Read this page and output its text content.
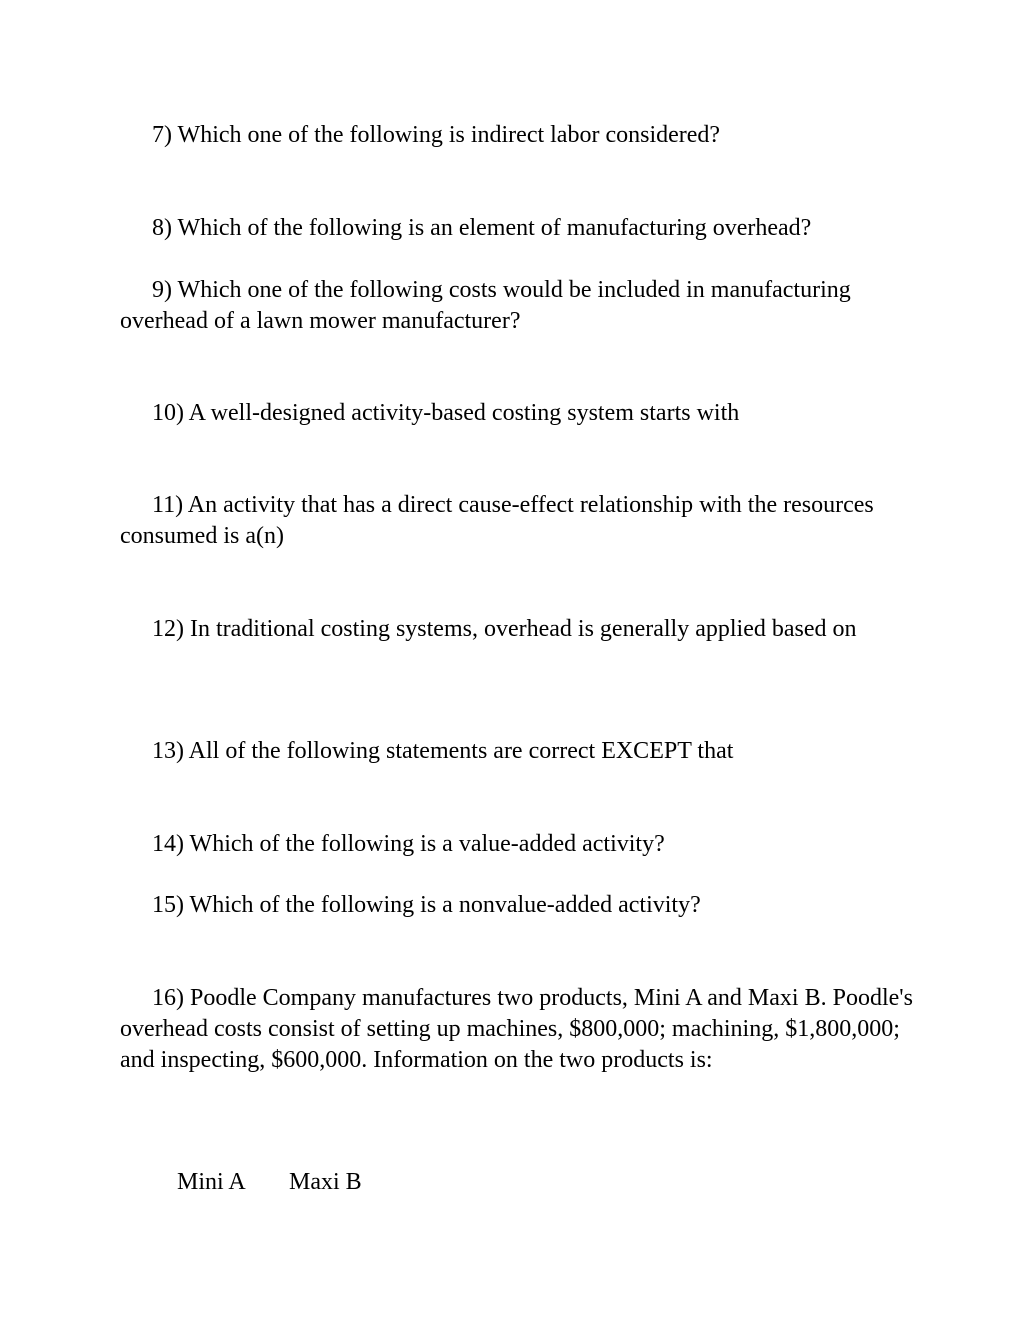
7) Which one of the following is indirect labor considered?

8) Which of the following is an element of manufacturing overhead?

9) Which one of the following costs would be included in manufacturing overhead of a lawn mower manufacturer?

10) A well-designed activity-based costing system starts with

11) An activity that has a direct cause-effect relationship with the resources consumed is a(n)

12) In traditional costing systems, overhead is generally applied based on

13) All of the following statements are correct EXCEPT that

14) Which of the following is a value-added activity?

15) Which of the following is a nonvalue-added activity?

16) Poodle Company manufactures two products, Mini A and Maxi B. Poodle's overhead costs consist of setting up machines, $800,000; machining, $1,800,000; and inspecting, $600,000. Information on the two products is:

Mini A Maxi B
